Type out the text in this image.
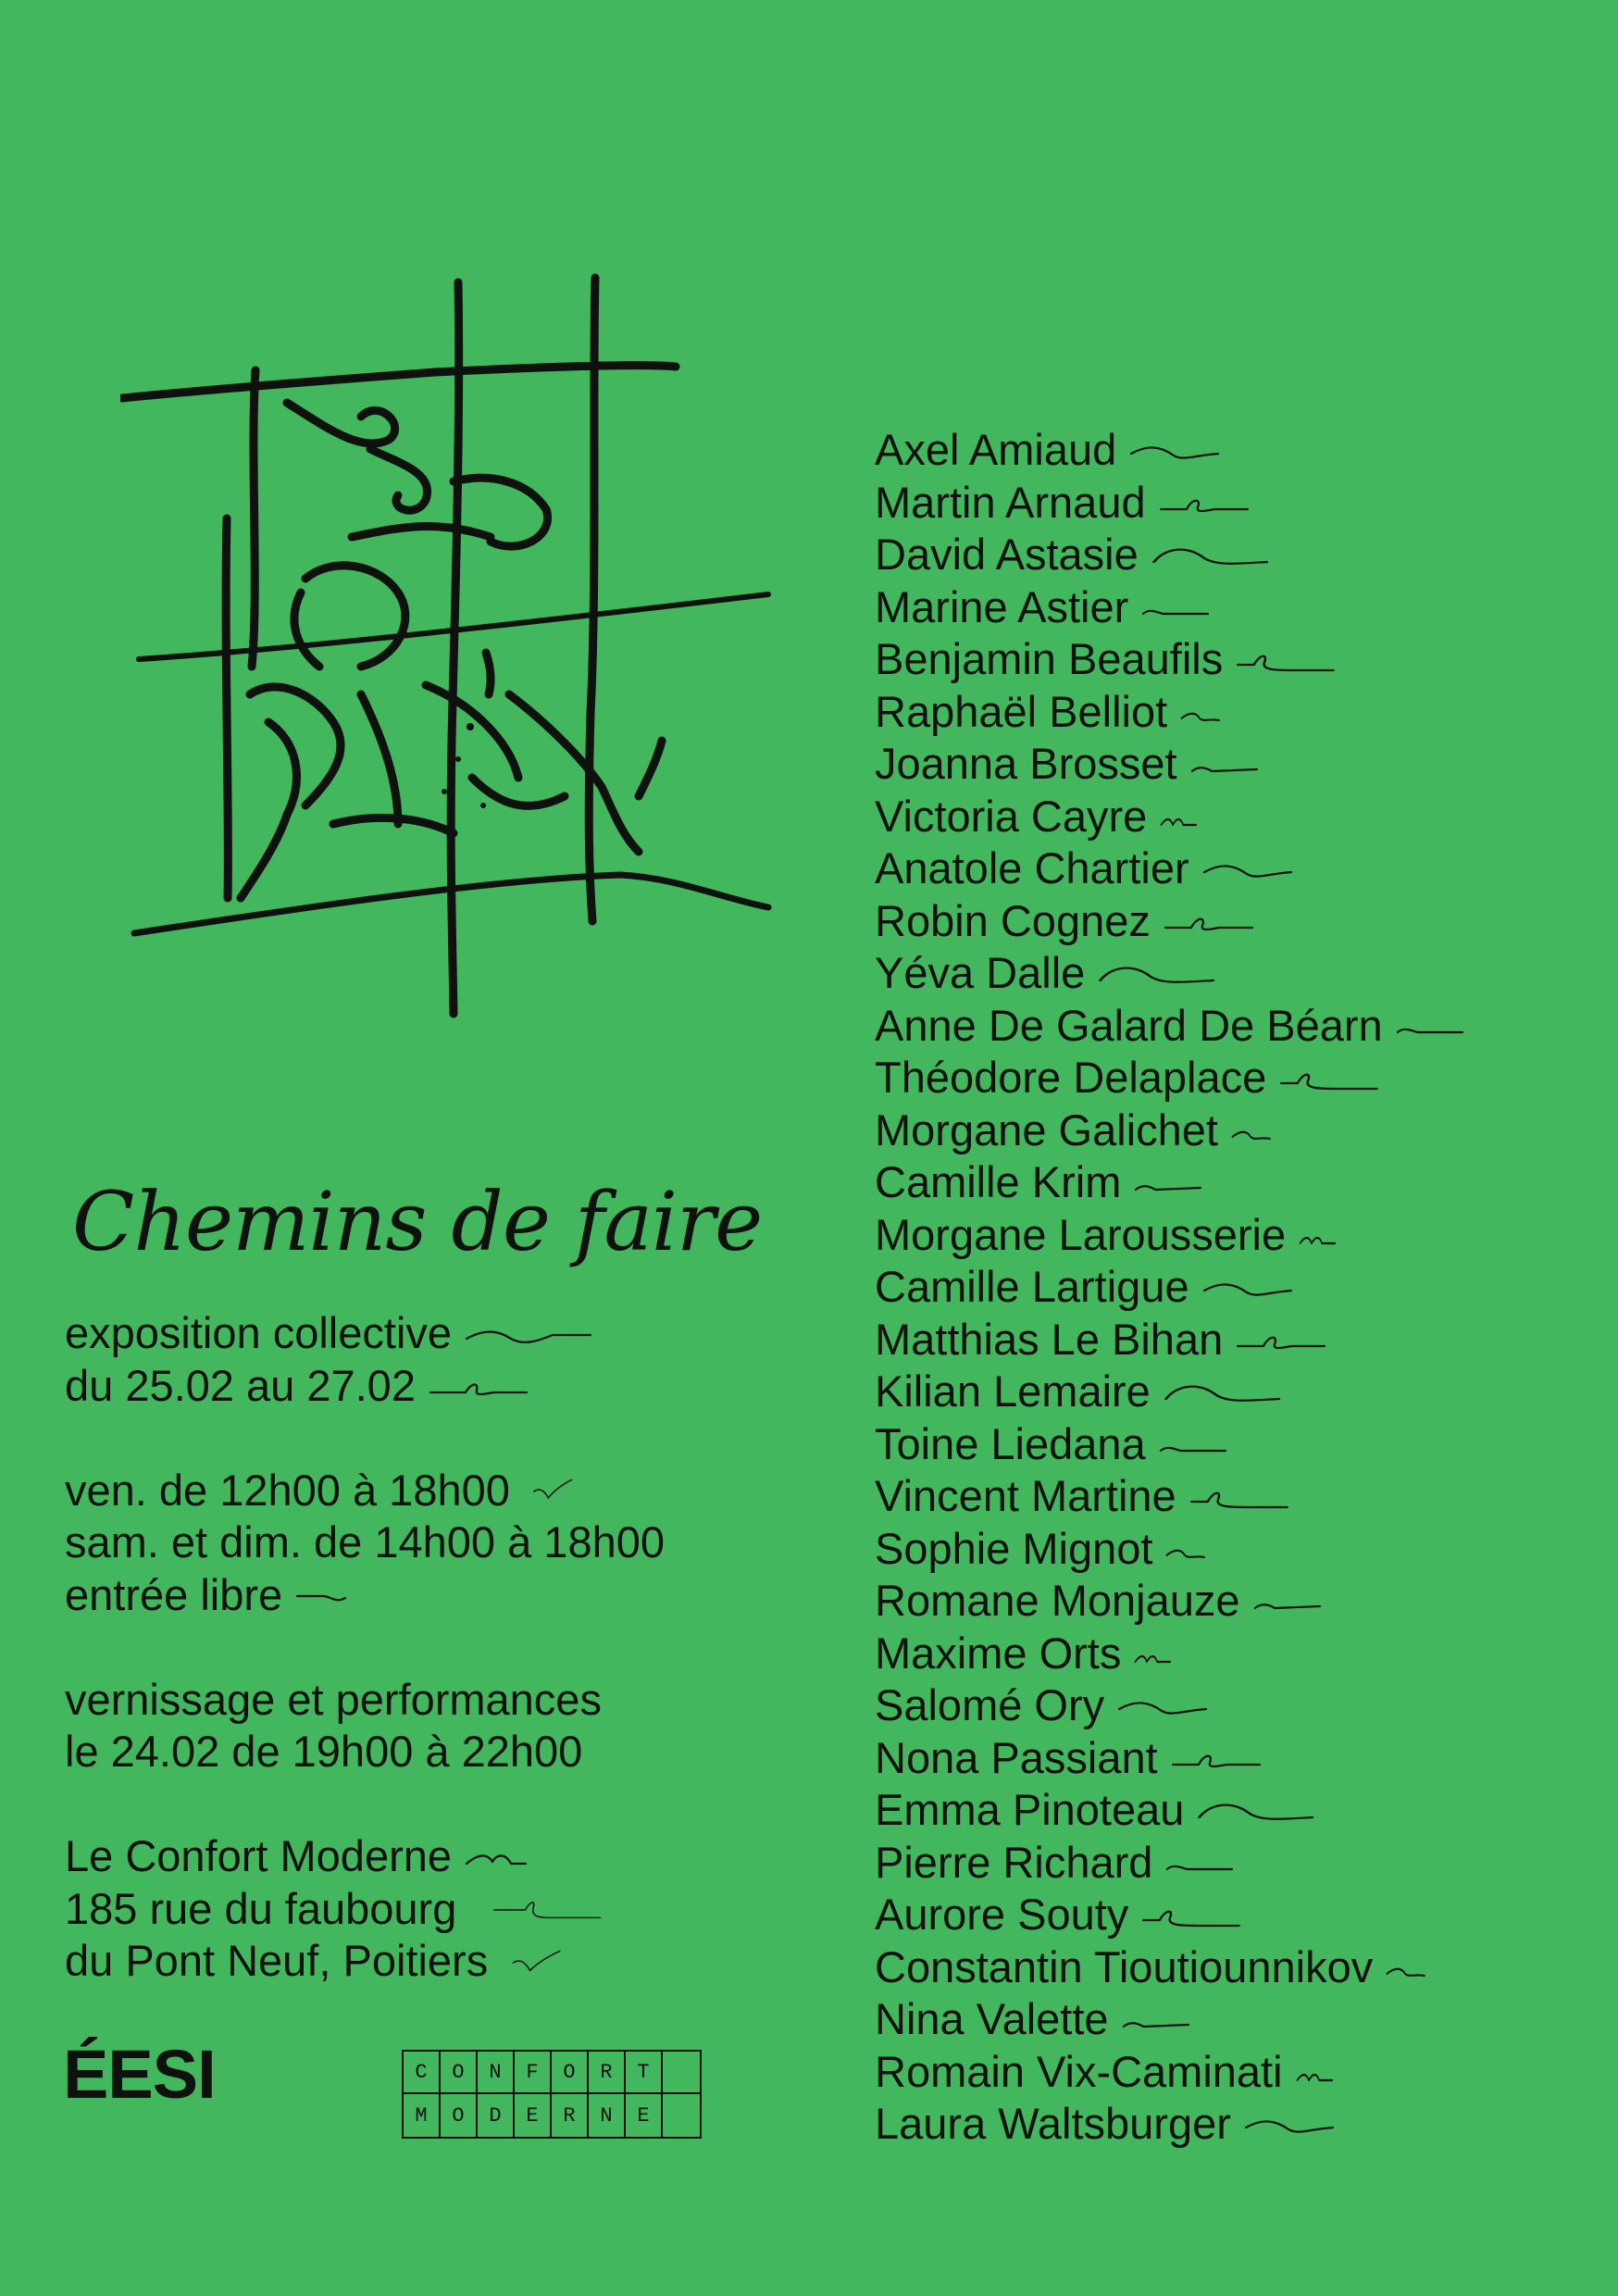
Chemins de faire
exposition collective
du 25.02 au 27.02
ven. de 12h00 à 18h00
sam. et dim. de 14h00 à 18h00
entrée libre
vernissage et performances
le 24.02 de 19h00 à 22h00
Le Confort Moderne
185 rue du faubourg
du Pont Neuf, Poitiers
Axel Amiaud
Martin Arnaud
David Astasie
Marine Astier
Benjamin Beaufils
Raphaël Belliot
Joanna Brosset
Victoria Cayre
Anatole Chartier
Robin Cognez
Yéva Dalle
Anne De Galard De Béarn
Théodore Delaplace
Morgane Galichet
Camille Krim
Morgane Larousserie
Camille Lartigue
Matthias Le Bihan
Kilian Lemaire
Toine Liedana
Vincent Martine
Sophie Mignot
Romane Monjauze
Maxime Orts
Salomé Ory
Nona Passiant
Emma Pinoteau
Pierre Richard
Aurore Souty
Constantin Tioutiounnikov
Nina Valette
Romain Vix-Caminati
Laura Waltsburger
ÉESI	C	O	N	F	O	R	T
M	O	D	E	R	N	E
